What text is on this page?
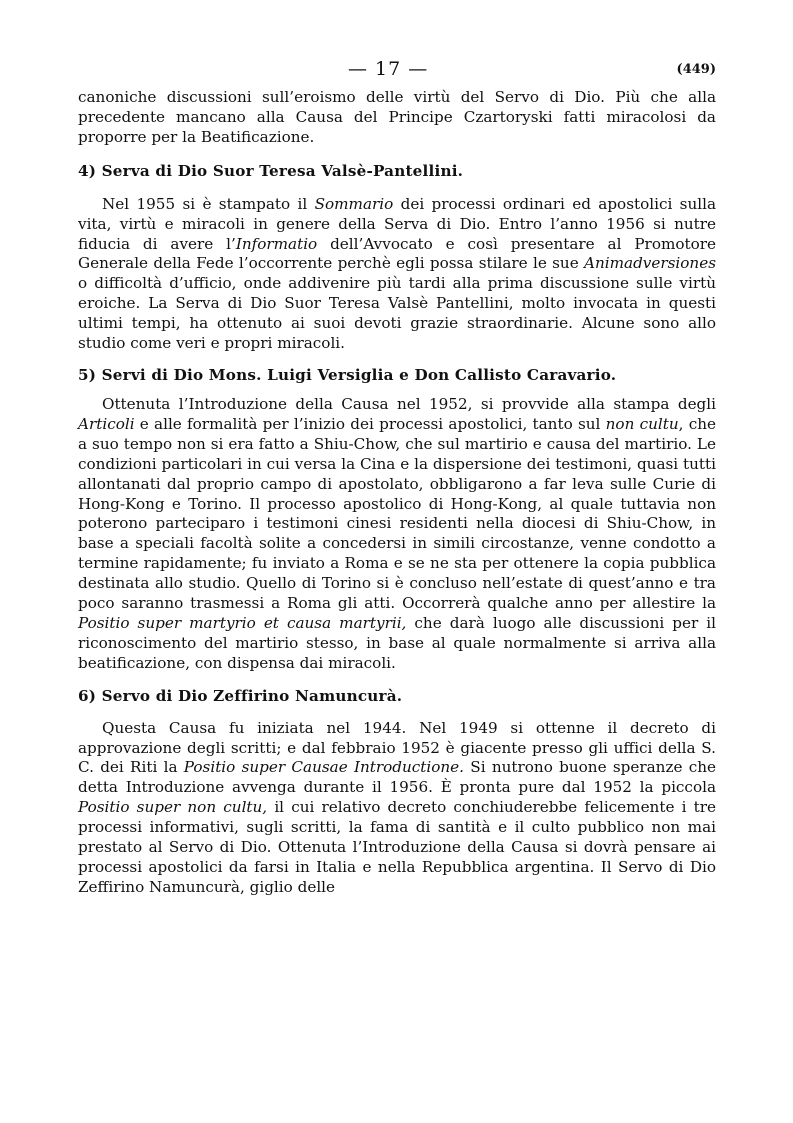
— 17 —	(449)

canoniche discussioni sull’eroismo delle virtù del Servo di Dio. Più che alla precedente mancano alla Causa del Principe Czartoryski fatti miracolosi da proporre per la Beatificazione.

4) Serva di Dio Suor Teresa Valsè-Pantellini.

Nel 1955 si è stampato il Sommario dei processi ordinari ed apostolici sulla vita, virtù e miracoli in genere della Serva di Dio. Entro l’anno 1956 si nutre fiducia di avere l’Informatio dell’Avvocato e così presentare al Promotore Generale della Fede l’occorrente perchè egli possa stilare le sue Animadversiones o difficoltà d’ufficio, onde addivenire più tardi alla prima discussione sulle virtù eroiche. La Serva di Dio Suor Teresa Valsè Pantellini, molto invocata in questi ultimi tempi, ha ottenuto ai suoi devoti grazie straordinarie. Alcune sono allo studio come veri e propri miracoli.

5) Servi di Dio Mons. Luigi Versiglia e Don Callisto Caravario.

Ottenuta l’Introduzione della Causa nel 1952, si provvide alla stampa degli Articoli e alle formalità per l’inizio dei processi apostolici, tanto sul non cultu, che a suo tempo non si era fatto a Shiu-Chow, che sul martirio e causa del martirio. Le condizioni particolari in cui versa la Cina e la dispersione dei testimoni, quasi tutti allontanati dal proprio campo di apostolato, obbligarono a far leva sulle Curie di Hong-Kong e Torino. Il processo apostolico di Hong-Kong, al quale tuttavia non poterono parteciparo i testimoni cinesi residenti nella diocesi di Shiu-Chow, in base a speciali facoltà solite a concedersi in simili circostanze, venne condotto a termine rapidamente; fu inviato a Roma e se ne sta per ottenere la copia pubblica destinata allo studio. Quello di Torino si è concluso nell’estate di quest’anno e tra poco saranno trasmessi a Roma gli atti. Occorrerà qualche anno per allestire la Positio super martyrio et causa martyrii, che darà luogo alle discussioni per il riconoscimento del martirio stesso, in base al quale normalmente si arriva alla beatificazione, con dispensa dai miracoli.

6) Servo di Dio Zeffirino Namuncurà.

Questa Causa fu iniziata nel 1944. Nel 1949 si ottenne il decreto di approvazione degli scritti; e dal febbraio 1952 è giacente presso gli uffici della S. C. dei Riti la Positio super Causae Introductione. Si nutrono buone speranze che detta Introduzione avvenga durante il 1956. È pronta pure dal 1952 la piccola Positio super non cultu, il cui relativo decreto conchiuderebbe felicemente i tre processi informativi, sugli scritti, la fama di santità e il culto pubblico non mai prestato al Servo di Dio. Ottenuta l’Introduzione della Causa si dovrà pensare ai processi apostolici da farsi in Italia e nella Repubblica argentina. Il Servo di Dio Zeffirino Namuncurà, giglio delle
